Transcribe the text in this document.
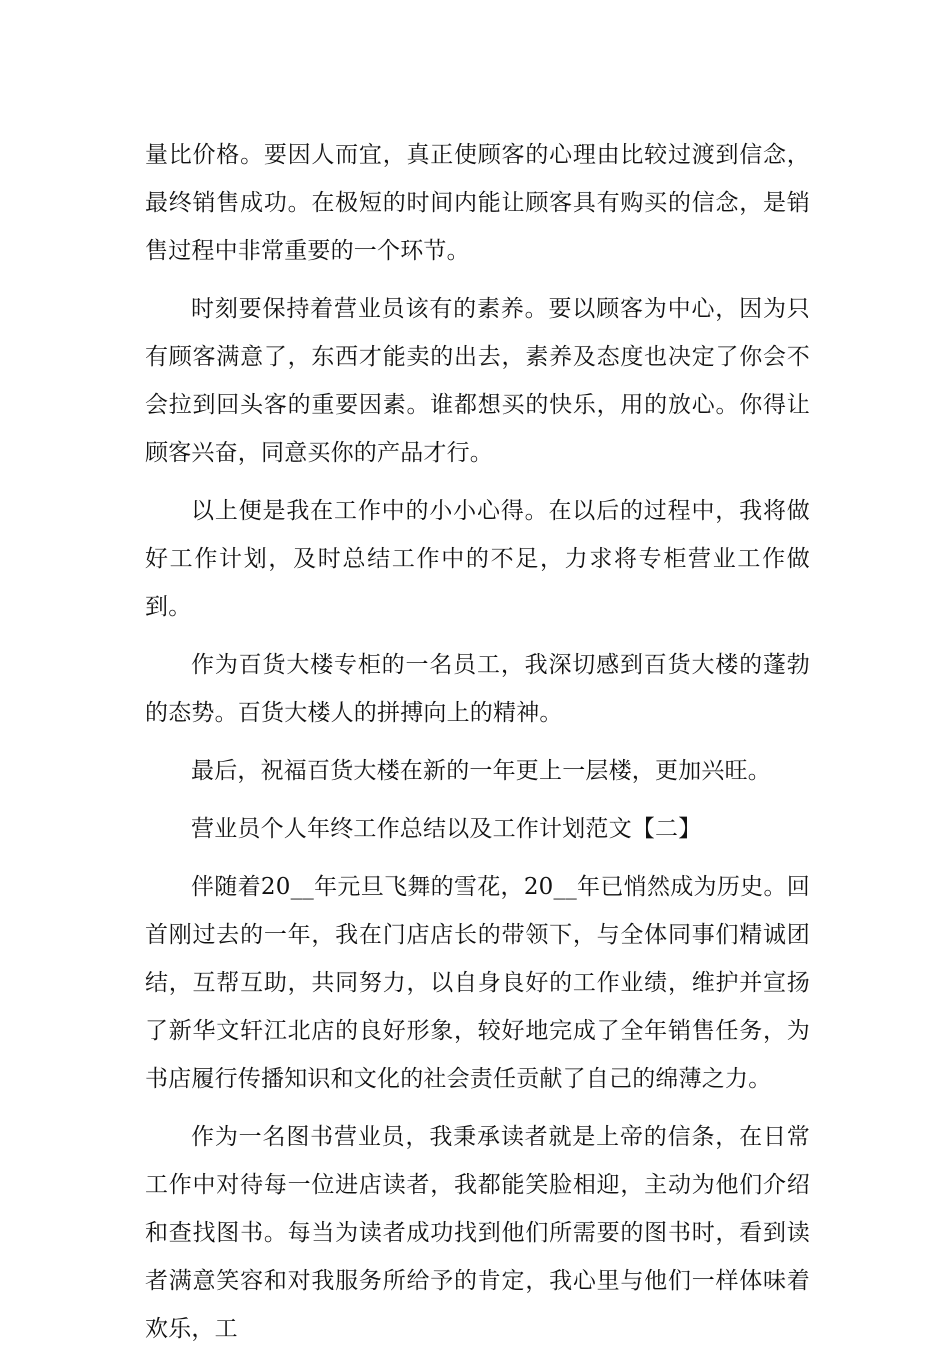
量比价格。要因人而宜，真正使顾客的心理由比较过渡到信念，最终销售成功。在极短的时间内能让顾客具有购买的信念，是销售过程中非常重要的一个环节。

时刻要保持着营业员该有的素养。要以顾客为中心，因为只有顾客满意了，东西才能卖的出去，素养及态度也决定了你会不会拉到回头客的重要因素。谁都想买的快乐，用的放心。你得让顾客兴奋，同意买你的产品才行。

以上便是我在工作中的小小心得。在以后的过程中，我将做好工作计划，及时总结工作中的不足，力求将专柜营业工作做到。

作为百货大楼专柜的一名员工，我深切感到百货大楼的蓬勃的态势。百货大楼人的拼搏向上的精神。

最后，祝福百货大楼在新的一年更上一层楼，更加兴旺。

营业员个人年终工作总结以及工作计划范文【二】

伴随着20__年元旦飞舞的雪花，20__年已悄然成为历史。回首刚过去的一年，我在门店店长的带领下，与全体同事们精诚团结，互帮互助，共同努力，以自身良好的工作业绩，维护并宣扬了新华文轩江北店的良好形象，较好地完成了全年销售任务，为书店履行传播知识和文化的社会责任贡献了自己的绵薄之力。

作为一名图书营业员，我秉承读者就是上帝的信条，在日常工作中对待每一位进店读者，我都能笑脸相迎，主动为他们介绍和查找图书。每当为读者成功找到他们所需要的图书时，看到读者满意笑容和对我服务所给予的肯定，我心里与他们一样体味着欢乐，工
